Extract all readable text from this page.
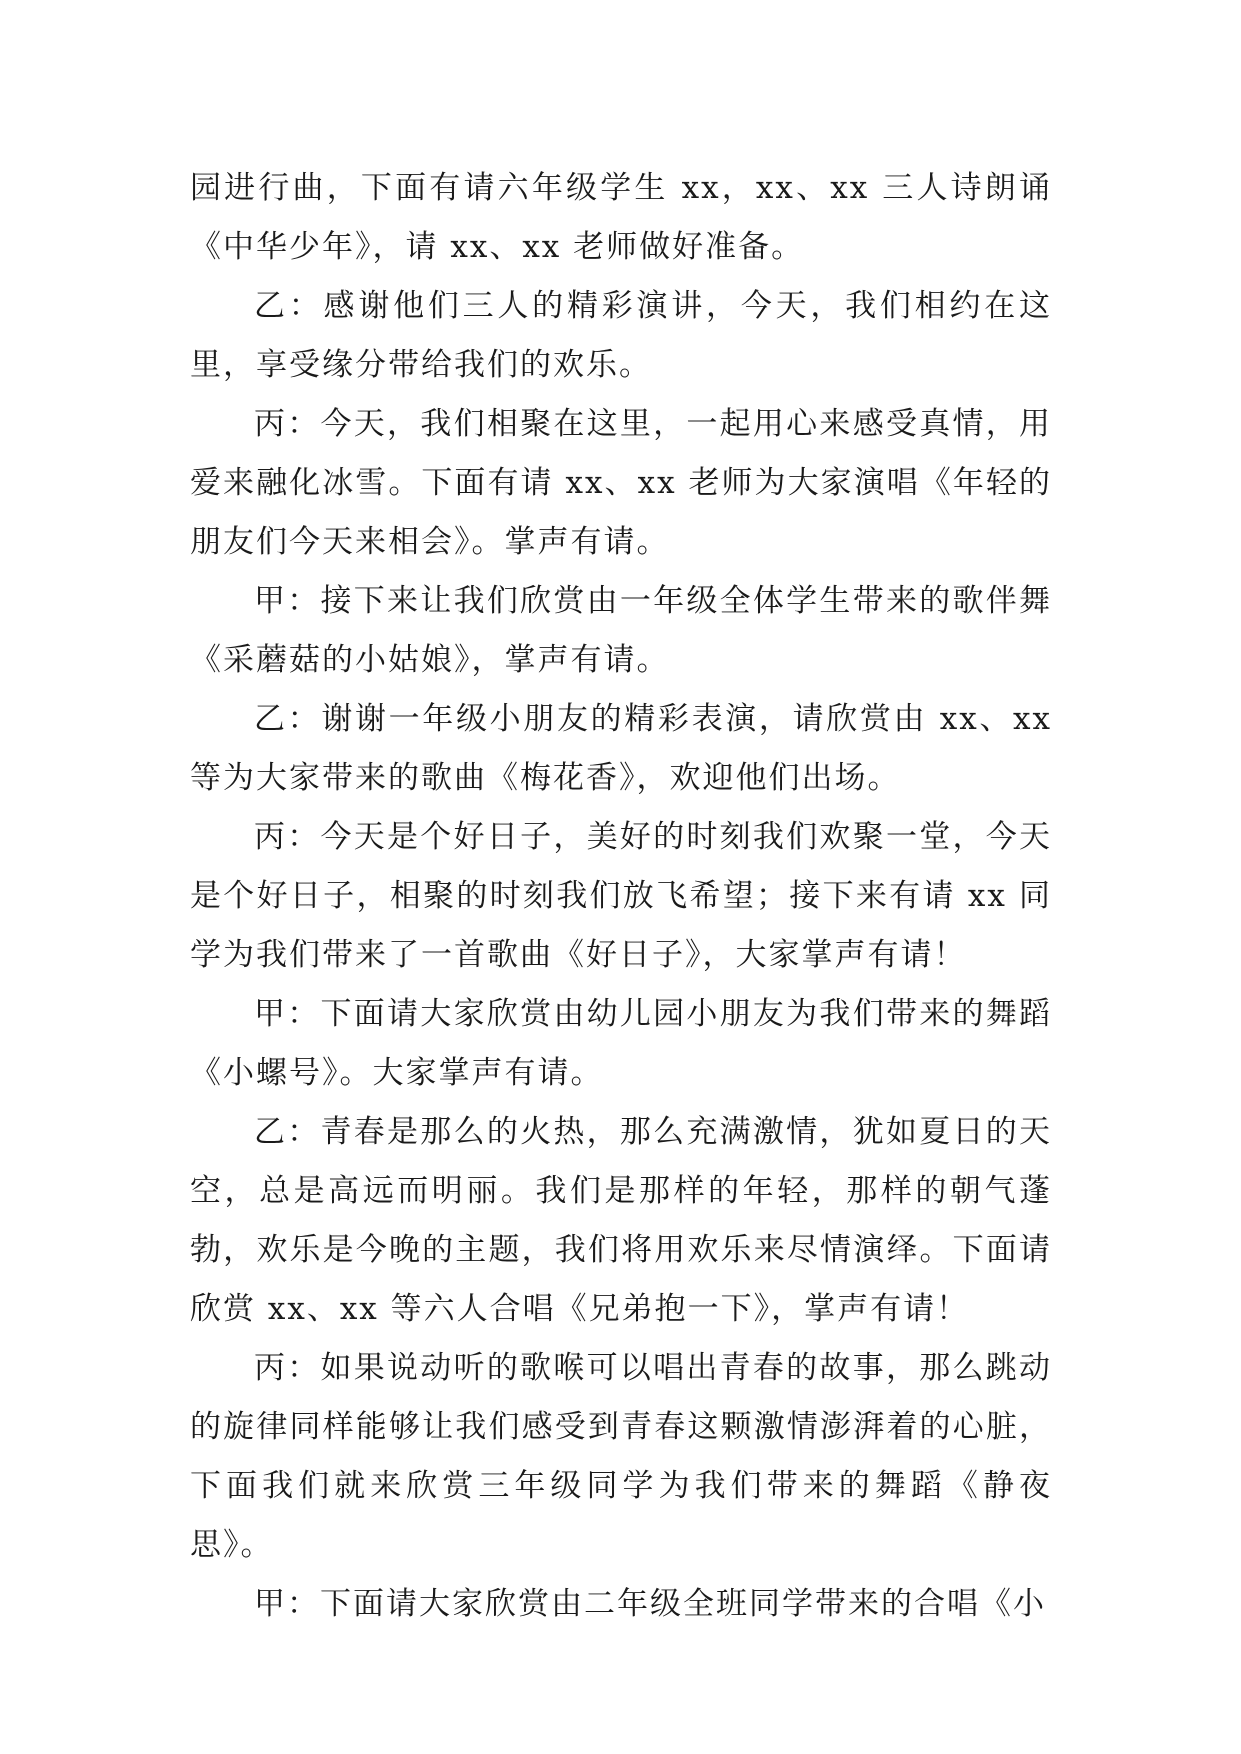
园进行曲，下面有请六年级学生 xx，xx、xx 三人诗朗诵《中华少年》，请 xx、xx 老师做好准备。

乙：感谢他们三人的精彩演讲，今天，我们相约在这里，享受缘分带给我们的欢乐。

丙：今天，我们相聚在这里，一起用心来感受真情，用爱来融化冰雪。下面有请 xx、xx 老师为大家演唱《年轻的朋友们今天来相会》。掌声有请。

甲：接下来让我们欣赏由一年级全体学生带来的歌伴舞《采蘑菇的小姑娘》，掌声有请。

乙：谢谢一年级小朋友的精彩表演，请欣赏由 xx、xx 等为大家带来的歌曲《梅花香》，欢迎他们出场。

丙：今天是个好日子，美好的时刻我们欢聚一堂，今天是个好日子，相聚的时刻我们放飞希望；接下来有请 xx 同学为我们带来了一首歌曲《好日子》，大家掌声有请！

甲：下面请大家欣赏由幼儿园小朋友为我们带来的舞蹈《小螺号》。大家掌声有请。

乙：青春是那么的火热，那么充满激情，犹如夏日的天空，总是高远而明丽。我们是那样的年轻，那样的朝气蓬勃，欢乐是今晚的主题，我们将用欢乐来尽情演绎。下面请欣赏 xx、xx 等六人合唱《兄弟抱一下》，掌声有请！

丙：如果说动听的歌喉可以唱出青春的故事，那么跳动的旋律同样能够让我们感受到青春这颗激情澎湃着的心脏，下面我们就来欣赏三年级同学为我们带来的舞蹈《静夜思》。

甲：下面请大家欣赏由二年级全班同学带来的合唱《小
